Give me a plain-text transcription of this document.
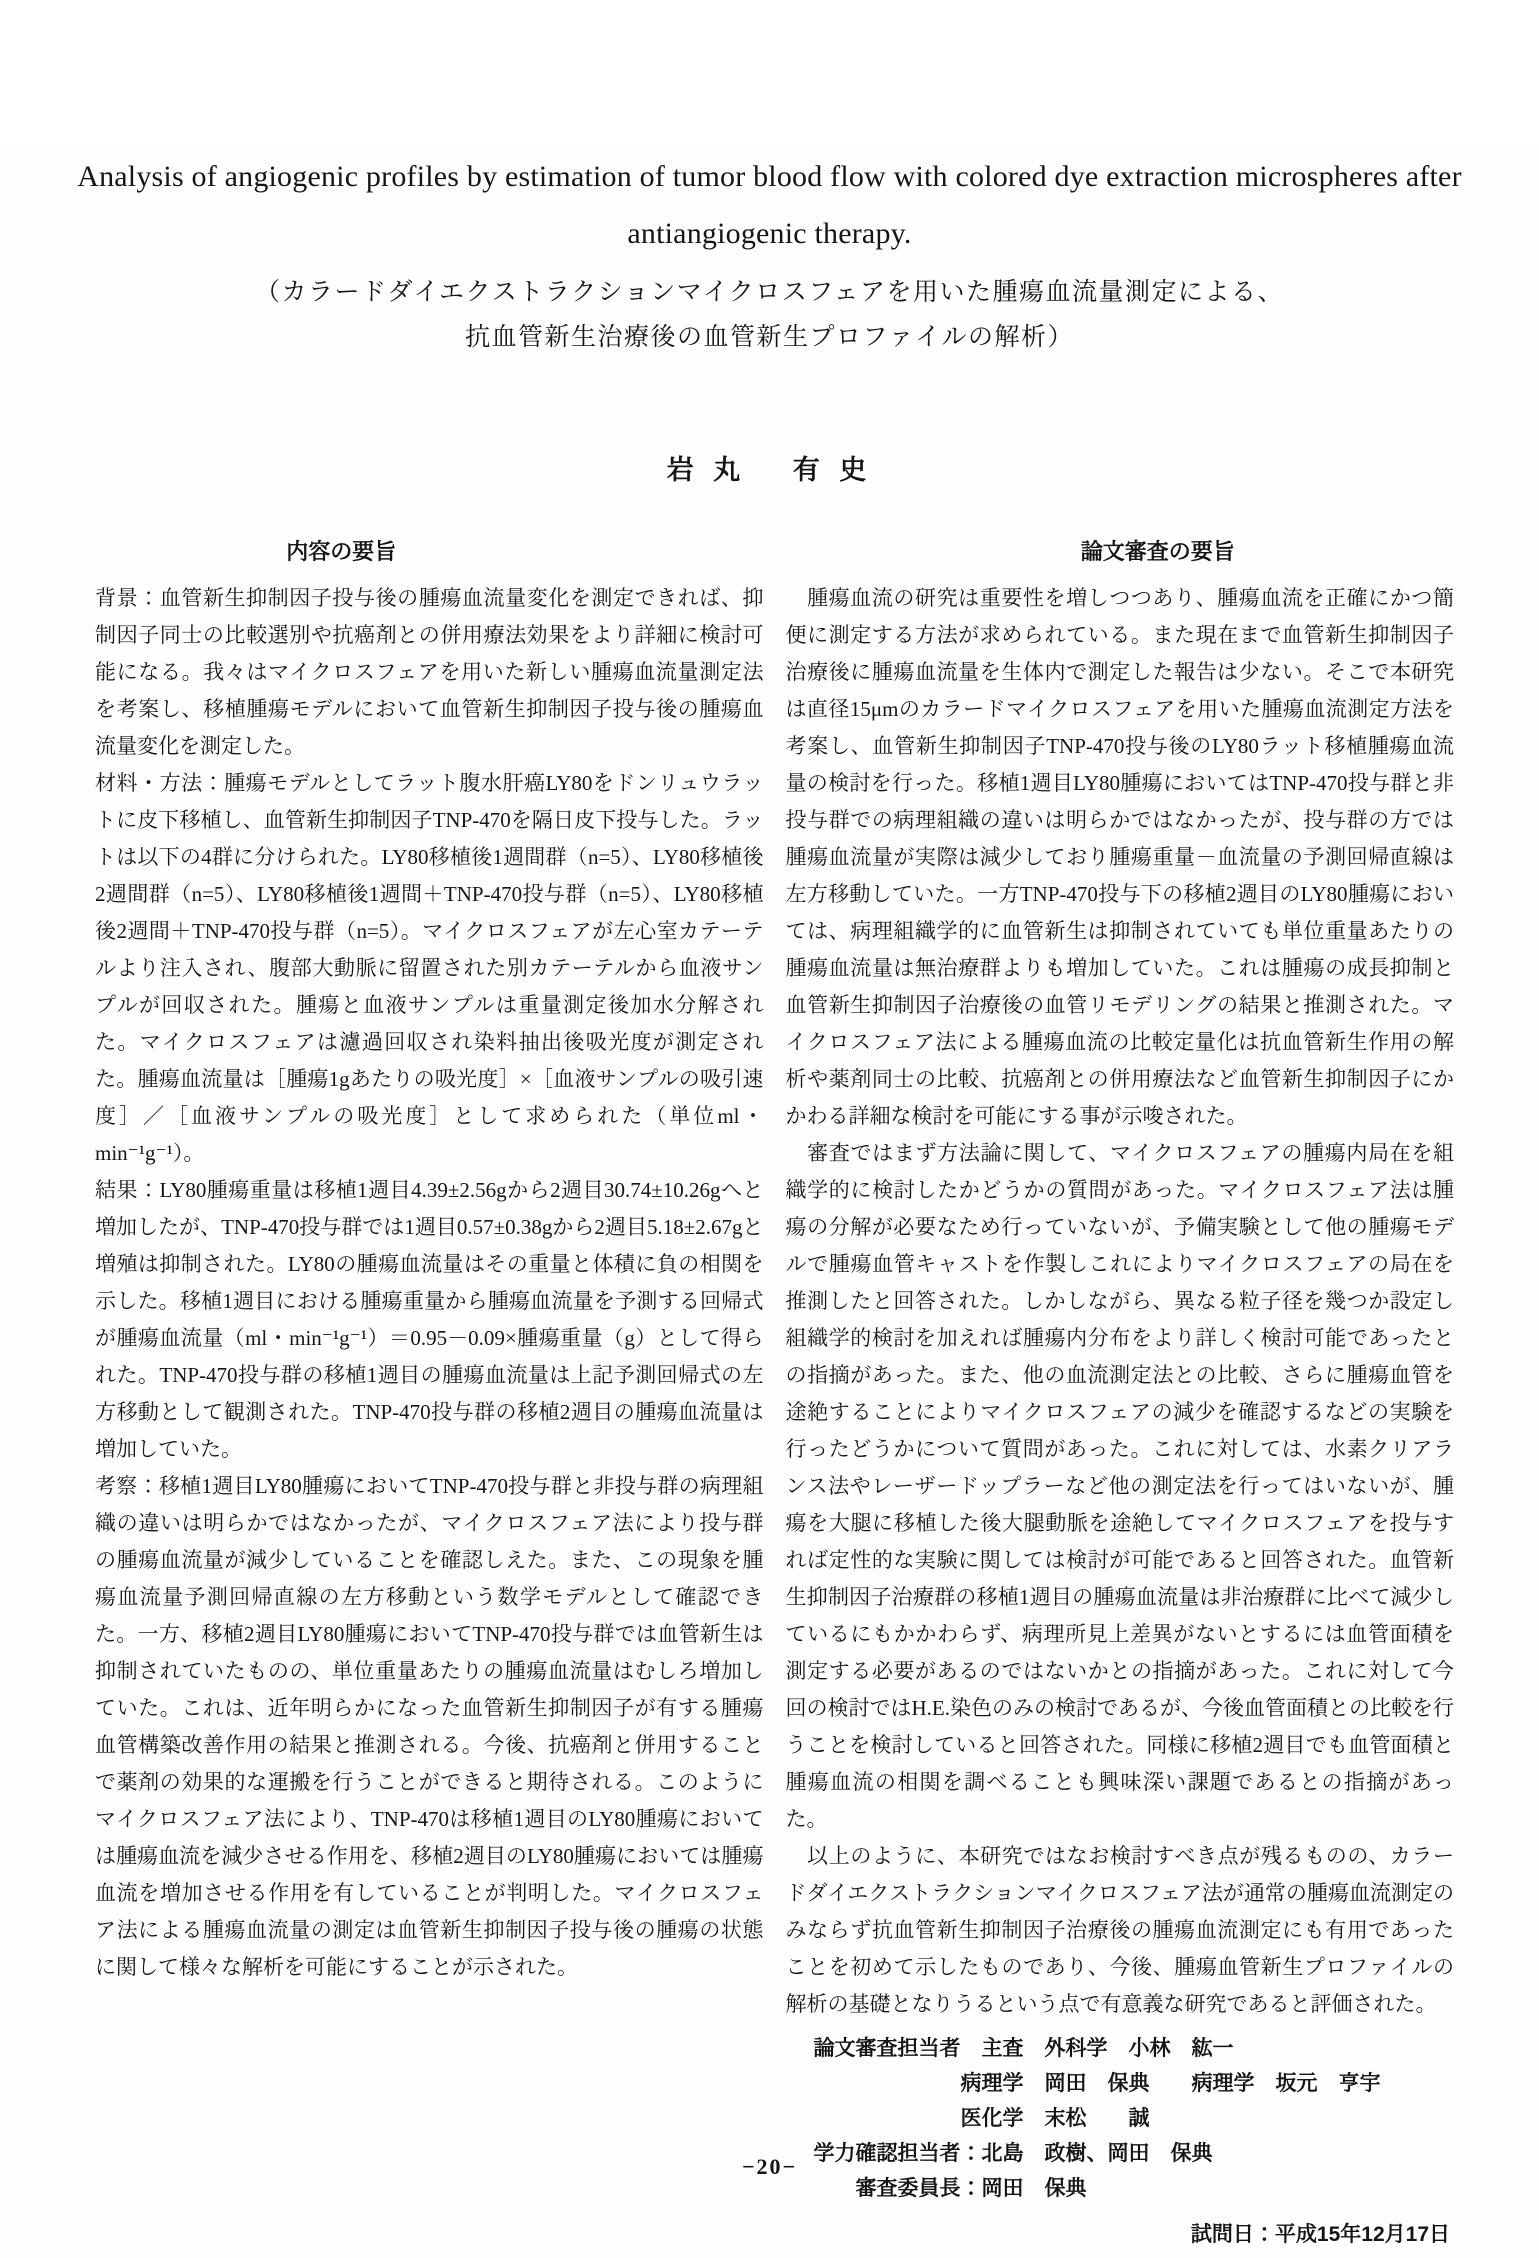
Analysis of angiogenic profiles by estimation of tumor blood flow with colored dye extraction microspheres after antiangiogenic therapy.
（カラードダイエクストラクションマイクロスフェアを用いた腫瘍血流量測定による、
抗血管新生治療後の血管新生プロファイルの解析）
岩 丸　 有 史
内容の要旨	論文審査の要旨

背景：血管新生抑制因子投与後の腫瘍血流量変化を測定できれば、抑制因子同士の比較選別や抗癌剤との併用療法効果をより詳細に検討可能になる。我々はマイクロスフェアを用いた新しい腫瘍血流量測定法を考案し、移植腫瘍モデルにおいて血管新生抑制因子投与後の腫瘍血流量変化を測定した。

材料・方法：腫瘍モデルとしてラット腹水肝癌LY80をドンリュウラットに皮下移植し、血管新生抑制因子TNP-470を隔日皮下投与した。ラットは以下の4群に分けられた。LY80移植後1週間群（n=5）、LY80移植後2週間群（n=5）、LY80移植後1週間＋TNP-470投与群（n=5）、LY80移植後2週間＋TNP-470投与群（n=5）。マイクロスフェアが左心室カテーテルより注入され、腹部大動脈に留置された別カテーテルから血液サンプルが回収された。腫瘍と血液サンプルは重量測定後加水分解された。マイクロスフェアは濾過回収され染料抽出後吸光度が測定された。腫瘍血流量は［腫瘍1gあたりの吸光度］×［血液サンプルの吸引速度］／［血液サンプルの吸光度］として求められた（単位ml・min⁻¹g⁻¹）。

結果：LY80腫瘍重量は移植1週目4.39±2.56gから2週目30.74±10.26gへと増加したが、TNP-470投与群では1週目0.57±0.38gから2週目5.18±2.67gと増殖は抑制された。LY80の腫瘍血流量はその重量と体積に負の相関を示した。移植1週目における腫瘍重量から腫瘍血流量を予測する回帰式が腫瘍血流量（ml・min⁻¹g⁻¹）＝0.95－0.09×腫瘍重量（g）として得られた。TNP-470投与群の移植1週目の腫瘍血流量は上記予測回帰式の左方移動として観測された。TNP-470投与群の移植2週目の腫瘍血流量は増加していた。

考察：移植1週目LY80腫瘍においてTNP-470投与群と非投与群の病理組織の違いは明らかではなかったが、マイクロスフェア法により投与群の腫瘍血流量が減少していることを確認しえた。また、この現象を腫瘍血流量予測回帰直線の左方移動という数学モデルとして確認できた。一方、移植2週目LY80腫瘍においてTNP-470投与群では血管新生は抑制されていたものの、単位重量あたりの腫瘍血流量はむしろ増加していた。これは、近年明らかになった血管新生抑制因子が有する腫瘍血管構築改善作用の結果と推測される。今後、抗癌剤と併用することで薬剤の効果的な運搬を行うことができると期待される。このようにマイクロスフェア法により、TNP-470は移植1週目のLY80腫瘍においては腫瘍血流を減少させる作用を、移植2週目のLY80腫瘍においては腫瘍血流を増加させる作用を有していることが判明した。マイクロスフェア法による腫瘍血流量の測定は血管新生抑制因子投与後の腫瘍の状態に関して様々な解析を可能にすることが示された。

　腫瘍血流の研究は重要性を増しつつあり、腫瘍血流を正確にかつ簡便に測定する方法が求められている。また現在まで血管新生抑制因子治療後に腫瘍血流量を生体内で測定した報告は少ない。そこで本研究は直径15μmのカラードマイクロスフェアを用いた腫瘍血流測定方法を考案し、血管新生抑制因子TNP-470投与後のLY80ラット移植腫瘍血流量の検討を行った。移植1週目LY80腫瘍においてはTNP-470投与群と非投与群での病理組織の違いは明らかではなかったが、投与群の方では腫瘍血流量が実際は減少しており腫瘍重量－血流量の予測回帰直線は左方移動していた。一方TNP-470投与下の移植2週目のLY80腫瘍においては、病理組織学的に血管新生は抑制されていても単位重量あたりの腫瘍血流量は無治療群よりも増加していた。これは腫瘍の成長抑制と血管新生抑制因子治療後の血管リモデリングの結果と推測された。マイクロスフェア法による腫瘍血流の比較定量化は抗血管新生作用の解析や薬剤同士の比較、抗癌剤との併用療法など血管新生抑制因子にかかわる詳細な検討を可能にする事が示唆された。

　審査ではまず方法論に関して、マイクロスフェアの腫瘍内局在を組織学的に検討したかどうかの質問があった。マイクロスフェア法は腫瘍の分解が必要なため行っていないが、予備実験として他の腫瘍モデルで腫瘍血管キャストを作製しこれによりマイクロスフェアの局在を推測したと回答された。しかしながら、異なる粒子径を幾つか設定し組織学的検討を加えれば腫瘍内分布をより詳しく検討可能であったとの指摘があった。また、他の血流測定法との比較、さらに腫瘍血管を途絶することによりマイクロスフェアの減少を確認するなどの実験を行ったどうかについて質問があった。これに対しては、水素クリアランス法やレーザードップラーなど他の測定法を行ってはいないが、腫瘍を大腿に移植した後大腿動脈を途絶してマイクロスフェアを投与すれば定性的な実験に関しては検討が可能であると回答された。血管新生抑制因子治療群の移植1週目の腫瘍血流量は非治療群に比べて減少しているにもかかわらず、病理所見上差異がないとするには血管面積を測定する必要があるのではないかとの指摘があった。これに対して今回の検討ではH.E.染色のみの検討であるが、今後血管面積との比較を行うことを検討していると回答された。同様に移植2週目でも血管面積と腫瘍血流の相関を調べることも興味深い課題であるとの指摘があった。

　以上のように、本研究ではなお検討すべき点が残るものの、カラードダイエクストラクションマイクロスフェア法が通常の腫瘍血流測定のみならず抗血管新生抑制因子治療後の腫瘍血流測定にも有用であったことを初めて示したものであり、今後、腫瘍血管新生プロファイルの解析の基礎となりうるという点で有意義な研究であると評価された。

論文審査担当者　主査　外科学　小林　紘一
　　　　　　　病理学　岡田　保典　　病理学　坂元　亨宇
　　　　　　　医化学　末松　　誠
学力確認担当者：北島　政樹、岡田　保典
　　審査委員長：岡田　保典
試問日：平成15年12月17日
−20−
